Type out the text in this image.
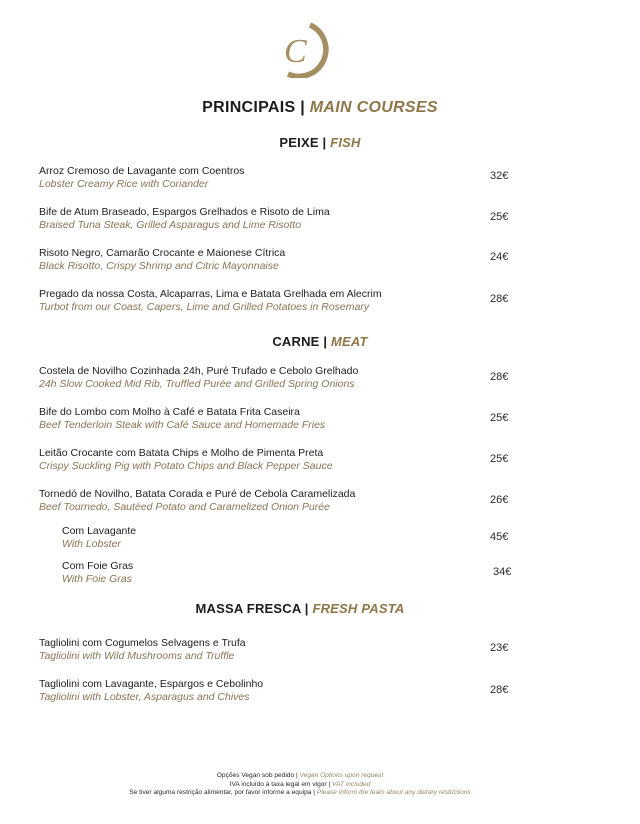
C
PRINCIPAIS | MAIN COURSES
PEIXE | FISH
Arroz Cremoso de Lavagante com Coentros
Lobster Creamy Rice with Coriander
32€
Bife de Atum Braseado, Espargos Grelhados e Risoto de Lima
Braised Tuna Steak, Grilled Asparagus and Lime Risotto
25€
Risoto Negro, Camarão Crocante e Maionese Cítrica
Black Risotto, Crispy Shrimp and Citric Mayonnaise
24€
Pregado da nossa Costa, Alcaparras, Lima e Batata Grelhada em Alecrim
Turbot from our Coast, Capers, Lime and Grilled Potatoes in Rosemary
28€
CARNE | MEAT
Costela de Novilho Cozinhada 24h, Puré Trufado e Cebolo Grelhado
24h Slow Cooked Mid Rib, Truffled Purée and Grilled Spring Onions
28€
Bife do Lombo com Molho à Café e Batata Frita Caseira
Beef Tenderloin Steak with Café Sauce and Homemade Fries
25€
Leitão Crocante com Batata Chips e Molho de Pimenta Preta
Crispy Suckling Pig with Potato Chips and Black Pepper Sauce
25€
Tornedó de Novilho, Batata Corada e Puré de Cebola Caramelizada
Beef Tournedo, Sautéed Potato and Caramelized Onion Purée
26€
Com Lavagante
With Lobster
45€
Com Foie Gras
With Foie Gras
34€
MASSA FRESCA | FRESH PASTA
Tagliolini com Cogumelos Selvagens e Trufa
Tagliolini with Wild Mushrooms and Truffle
23€
Tagliolini com Lavagante, Espargos e Cebolinho
Tagliolini with Lobster, Asparagus and Chives
28€
Opções Vegan sob pedido | Vegan Options upon request
IVA incluído à taxa legal em vigor | VAT included
Se tiver alguma restrição alimentar, por favor informe a equipa | Please inform the team about any dietary restrictions
